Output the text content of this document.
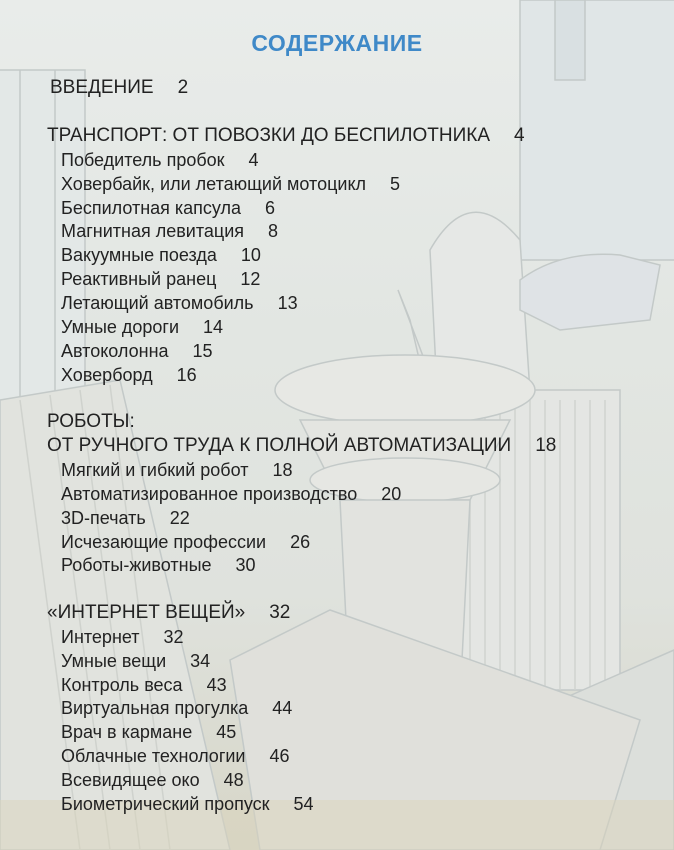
СОДЕРЖАНИЕ
ВВЕДЕНИЕ 2
ТРАНСПОРТ: ОТ ПОВОЗКИ ДО БЕСПИЛОТНИКА 4
Победитель пробок 4
Ховербайк, или летающий мотоцикл 5
Беспилотная капсула 6
Магнитная левитация 8
Вакуумные поезда 10
Реактивный ранец 12
Летающий автомобиль 13
Умные дороги 14
Автоколонна 15
Ховерборд 16
РОБОТЫ:
ОТ РУЧНОГО ТРУДА К ПОЛНОЙ АВТОМАТИЗАЦИИ 18
Мягкий и гибкий робот 18
Автоматизированное производство 20
3D-печать 22
Исчезающие профессии 26
Роботы-животные 30
«ИНТЕРНЕТ ВЕЩЕЙ» 32
Интернет 32
Умные вещи 34
Контроль веса 43
Виртуальная прогулка 44
Врач в кармане 45
Облачные технологии 46
Всевидящее око 48
Биометрический пропуск 54
